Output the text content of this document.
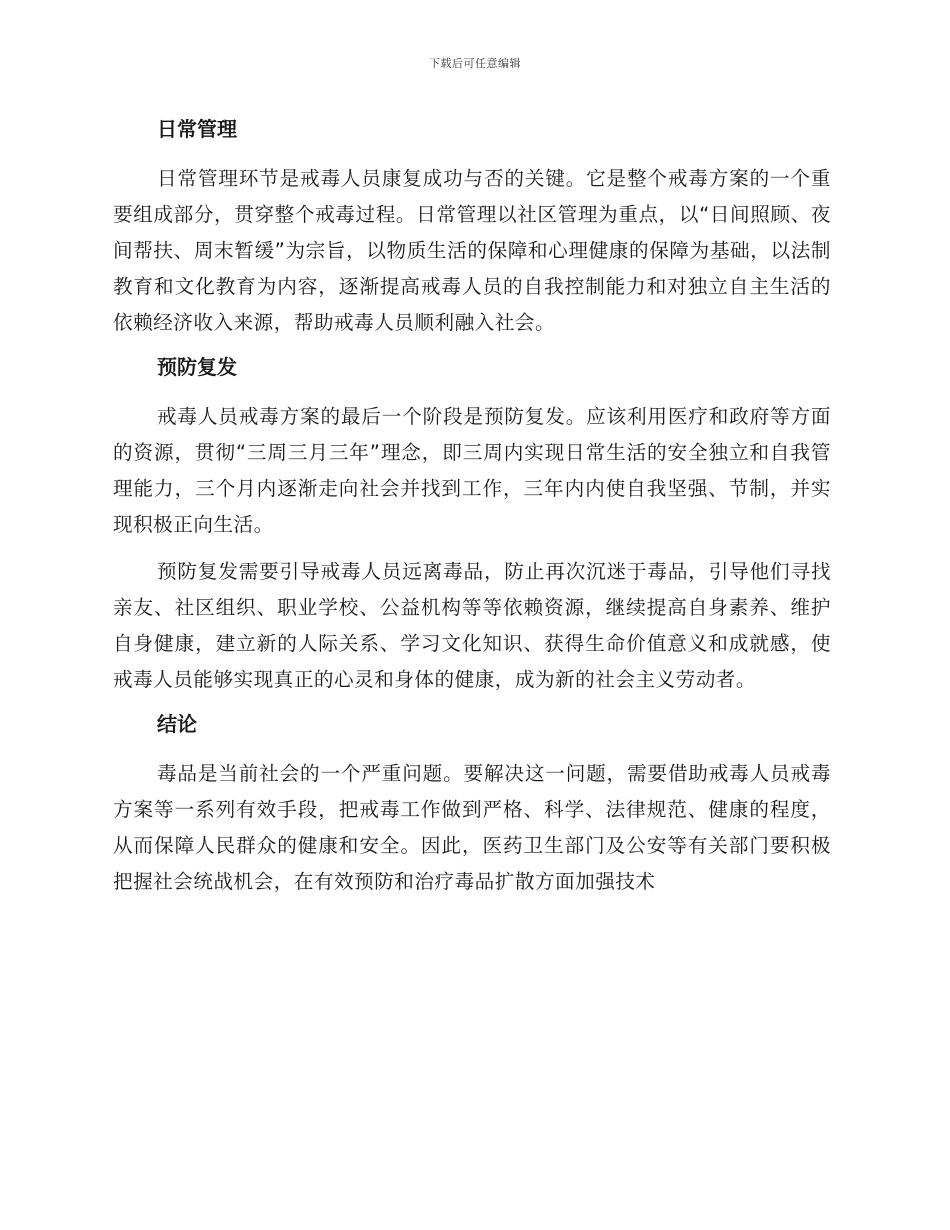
下载后可任意编辑
日常管理

日常管理环节是戒毒人员康复成功与否的关键。它是整个戒毒方案的一个重要组成部分，贯穿整个戒毒过程。日常管理以社区管理为重点，以“日间照顾、夜间帮扶、周末暂缓”为宗旨，以物质生活的保障和心理健康的保障为基础，以法制教育和文化教育为内容，逐渐提高戒毒人员的自我控制能力和对独立自主生活的依赖经济收入来源，帮助戒毒人员顺利融入社会。

预防复发

戒毒人员戒毒方案的最后一个阶段是预防复发。应该利用医疗和政府等方面的资源，贯彻“三周三月三年”理念，即三周内实现日常生活的安全独立和自我管理能力，三个月内逐渐走向社会并找到工作，三年内内使自我坚强、节制，并实现积极正向生活。

预防复发需要引导戒毒人员远离毒品，防止再次沉迷于毒品，引导他们寻找亲友、社区组织、职业学校、公益机构等等依赖资源，继续提高自身素养、维护自身健康，建立新的人际关系、学习文化知识、获得生命价值意义和成就感，使戒毒人员能够实现真正的心灵和身体的健康，成为新的社会主义劳动者。

结论

毒品是当前社会的一个严重问题。要解决这一问题，需要借助戒毒人员戒毒方案等一系列有效手段，把戒毒工作做到严格、科学、法律规范、健康的程度，从而保障人民群众的健康和安全。因此，医药卫生部门及公安等有关部门要积极把握社会统战机会，在有效预防和治疗毒品扩散方面加强技术
